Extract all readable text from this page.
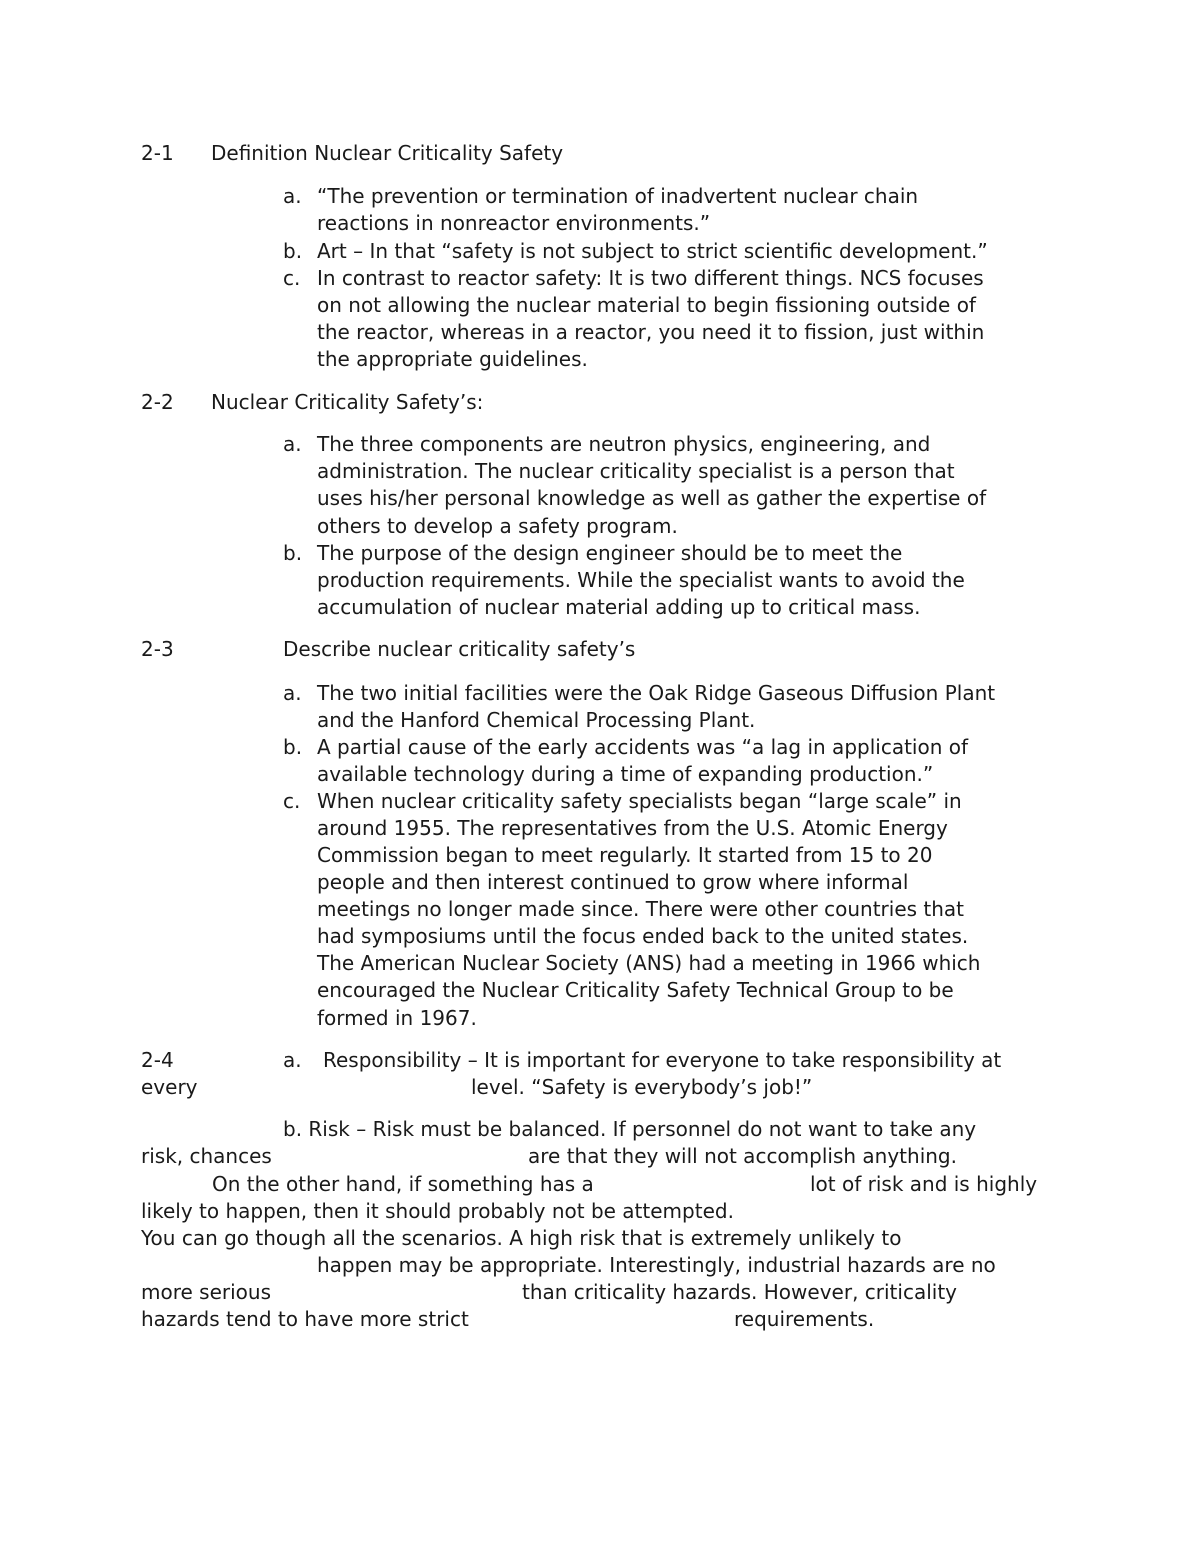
2-1 Definition Nuclear Criticality Safety
a. “The prevention or termination of inadvertent nuclear chain
reactions in nonreactor environments.”
b. Art – In that “safety is not subject to strict scientific development.”
c. In contrast to reactor safety: It is two different things. NCS focuses
on not allowing the nuclear material to begin fissioning outside of
the reactor, whereas in a reactor, you need it to fission, just within
the appropriate guidelines.
2-2 Nuclear Criticality Safety’s:
a. The three components are neutron physics, engineering, and
administration. The nuclear criticality specialist is a person that
uses his/her personal knowledge as well as gather the expertise of
others to develop a safety program.
b. The purpose of the design engineer should be to meet the
production requirements. While the specialist wants to avoid the
accumulation of nuclear material adding up to critical mass.
2-3	Describe nuclear criticality safety’s
a. The two initial facilities were the Oak Ridge Gaseous Diffusion Plant
and the Hanford Chemical Processing Plant.
b. A partial cause of the early accidents was “a lag in application of
available technology during a time of expanding production.”
c. When nuclear criticality safety specialists began “large scale” in
around 1955. The representatives from the U.S. Atomic Energy
Commission began to meet regularly. It started from 15 to 20
people and then interest continued to grow where informal
meetings no longer made since. There were other countries that
had symposiums until the focus ended back to the united states.
The American Nuclear Society (ANS) had a meeting in 1966 which
encouraged the Nuclear Criticality Safety Technical Group to be
formed in 1967.
2-4	a. Responsibility – It is important for everyone to take responsibility at
every	level. “Safety is everybody’s job!”
b. Risk – Risk must be balanced. If personnel do not want to take any
risk, chances	are that they will not accomplish anything.
On the other hand, if something has a	lot of risk and is highly
likely to happen, then it should probably not be attempted.
You can go though all the scenarios. A high risk that is extremely unlikely to
happen may be appropriate. Interestingly, industrial hazards are no
more serious	than criticality hazards. However, criticality
hazards tend to have more strict	requirements.
